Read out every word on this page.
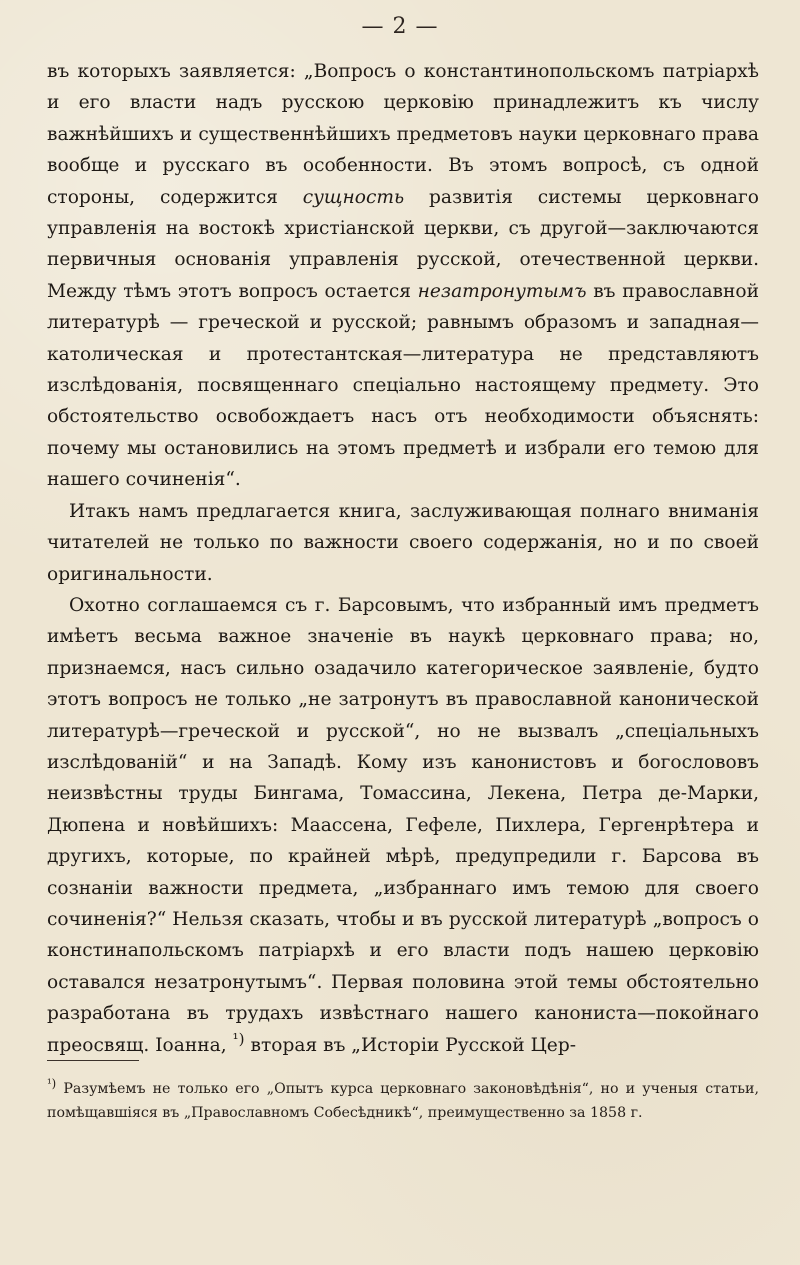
— 2 —

въ которыхъ заявляется: „Вопросъ о константинопольскомъ патріархѣ и его власти надъ русскою церковію принадлежитъ къ числу важнѣйшихъ и существеннѣйшихъ предметовъ науки церковнаго права вообще и русскаго въ особенности. Въ этомъ вопросѣ, съ одной стороны, содержится сущность развитія системы церковнаго управленія на востокѣ христіанской церкви, съ другой—заключаются первичныя основанія управленія русской, отечественной церкви. Между тѣмъ этотъ вопросъ остается незатронутымъ въ православной литературѣ — греческой и русской; равнымъ образомъ и западная—католическая и протестантская—литература не представляютъ изслѣдованія, посвященнаго спеціально настоящему предмету. Это обстоятельство освобождаетъ насъ отъ необходимости объяснять: почему мы остановились на этомъ предметѣ и избрали его темою для нашего сочиненія“.

Итакъ намъ предлагается книга, заслуживающая полнаго вниманія читателей не только по важности своего содержанія, но и по своей оригинальности.

Охотно соглашаемся съ г. Барсовымъ, что избранный имъ предметъ имѣетъ весьма важное значеніе въ наукѣ церковнаго права; но, признаемся, насъ сильно озадачило категорическое заявленіе, будто этотъ вопросъ не только „не затронутъ въ православной канонической литературѣ—греческой и русской“, но не вызвалъ „спеціальныхъ изслѣдованій“ и на Западѣ. Кому изъ канонистовъ и богослововъ неизвѣстны труды Бингама, Томассина, Лекена, Петра де-Марки, Дюпена и новѣйшихъ: Маассена, Гефеле, Пихлера, Гергенрѣтера и другихъ, которые, по крайней мѣрѣ, предупредили г. Барсова въ сознаніи важности предмета, „избраннаго имъ темою для своего сочиненія?“ Нельзя сказать, чтобы и въ русской литературѣ „вопросъ о констинапольскомъ патріархѣ и его власти подъ нашею церковію оставался незатронутымъ“. Первая половина этой темы обстоятельно разработана въ трудахъ извѣстнаго нашего канониста—покойнаго преосвящ. Іоанна, $^{^1)}$ вторая въ „Исторіи Русской Цер-

$^{^1)}$ Разумѣемъ не только его „Опытъ курса церковнаго законовѣдѣнія“, но и ученыя статьи, помѣщавшіяся въ „Православномъ Собесѣдникѣ“, преимущественно за 1858 г.
